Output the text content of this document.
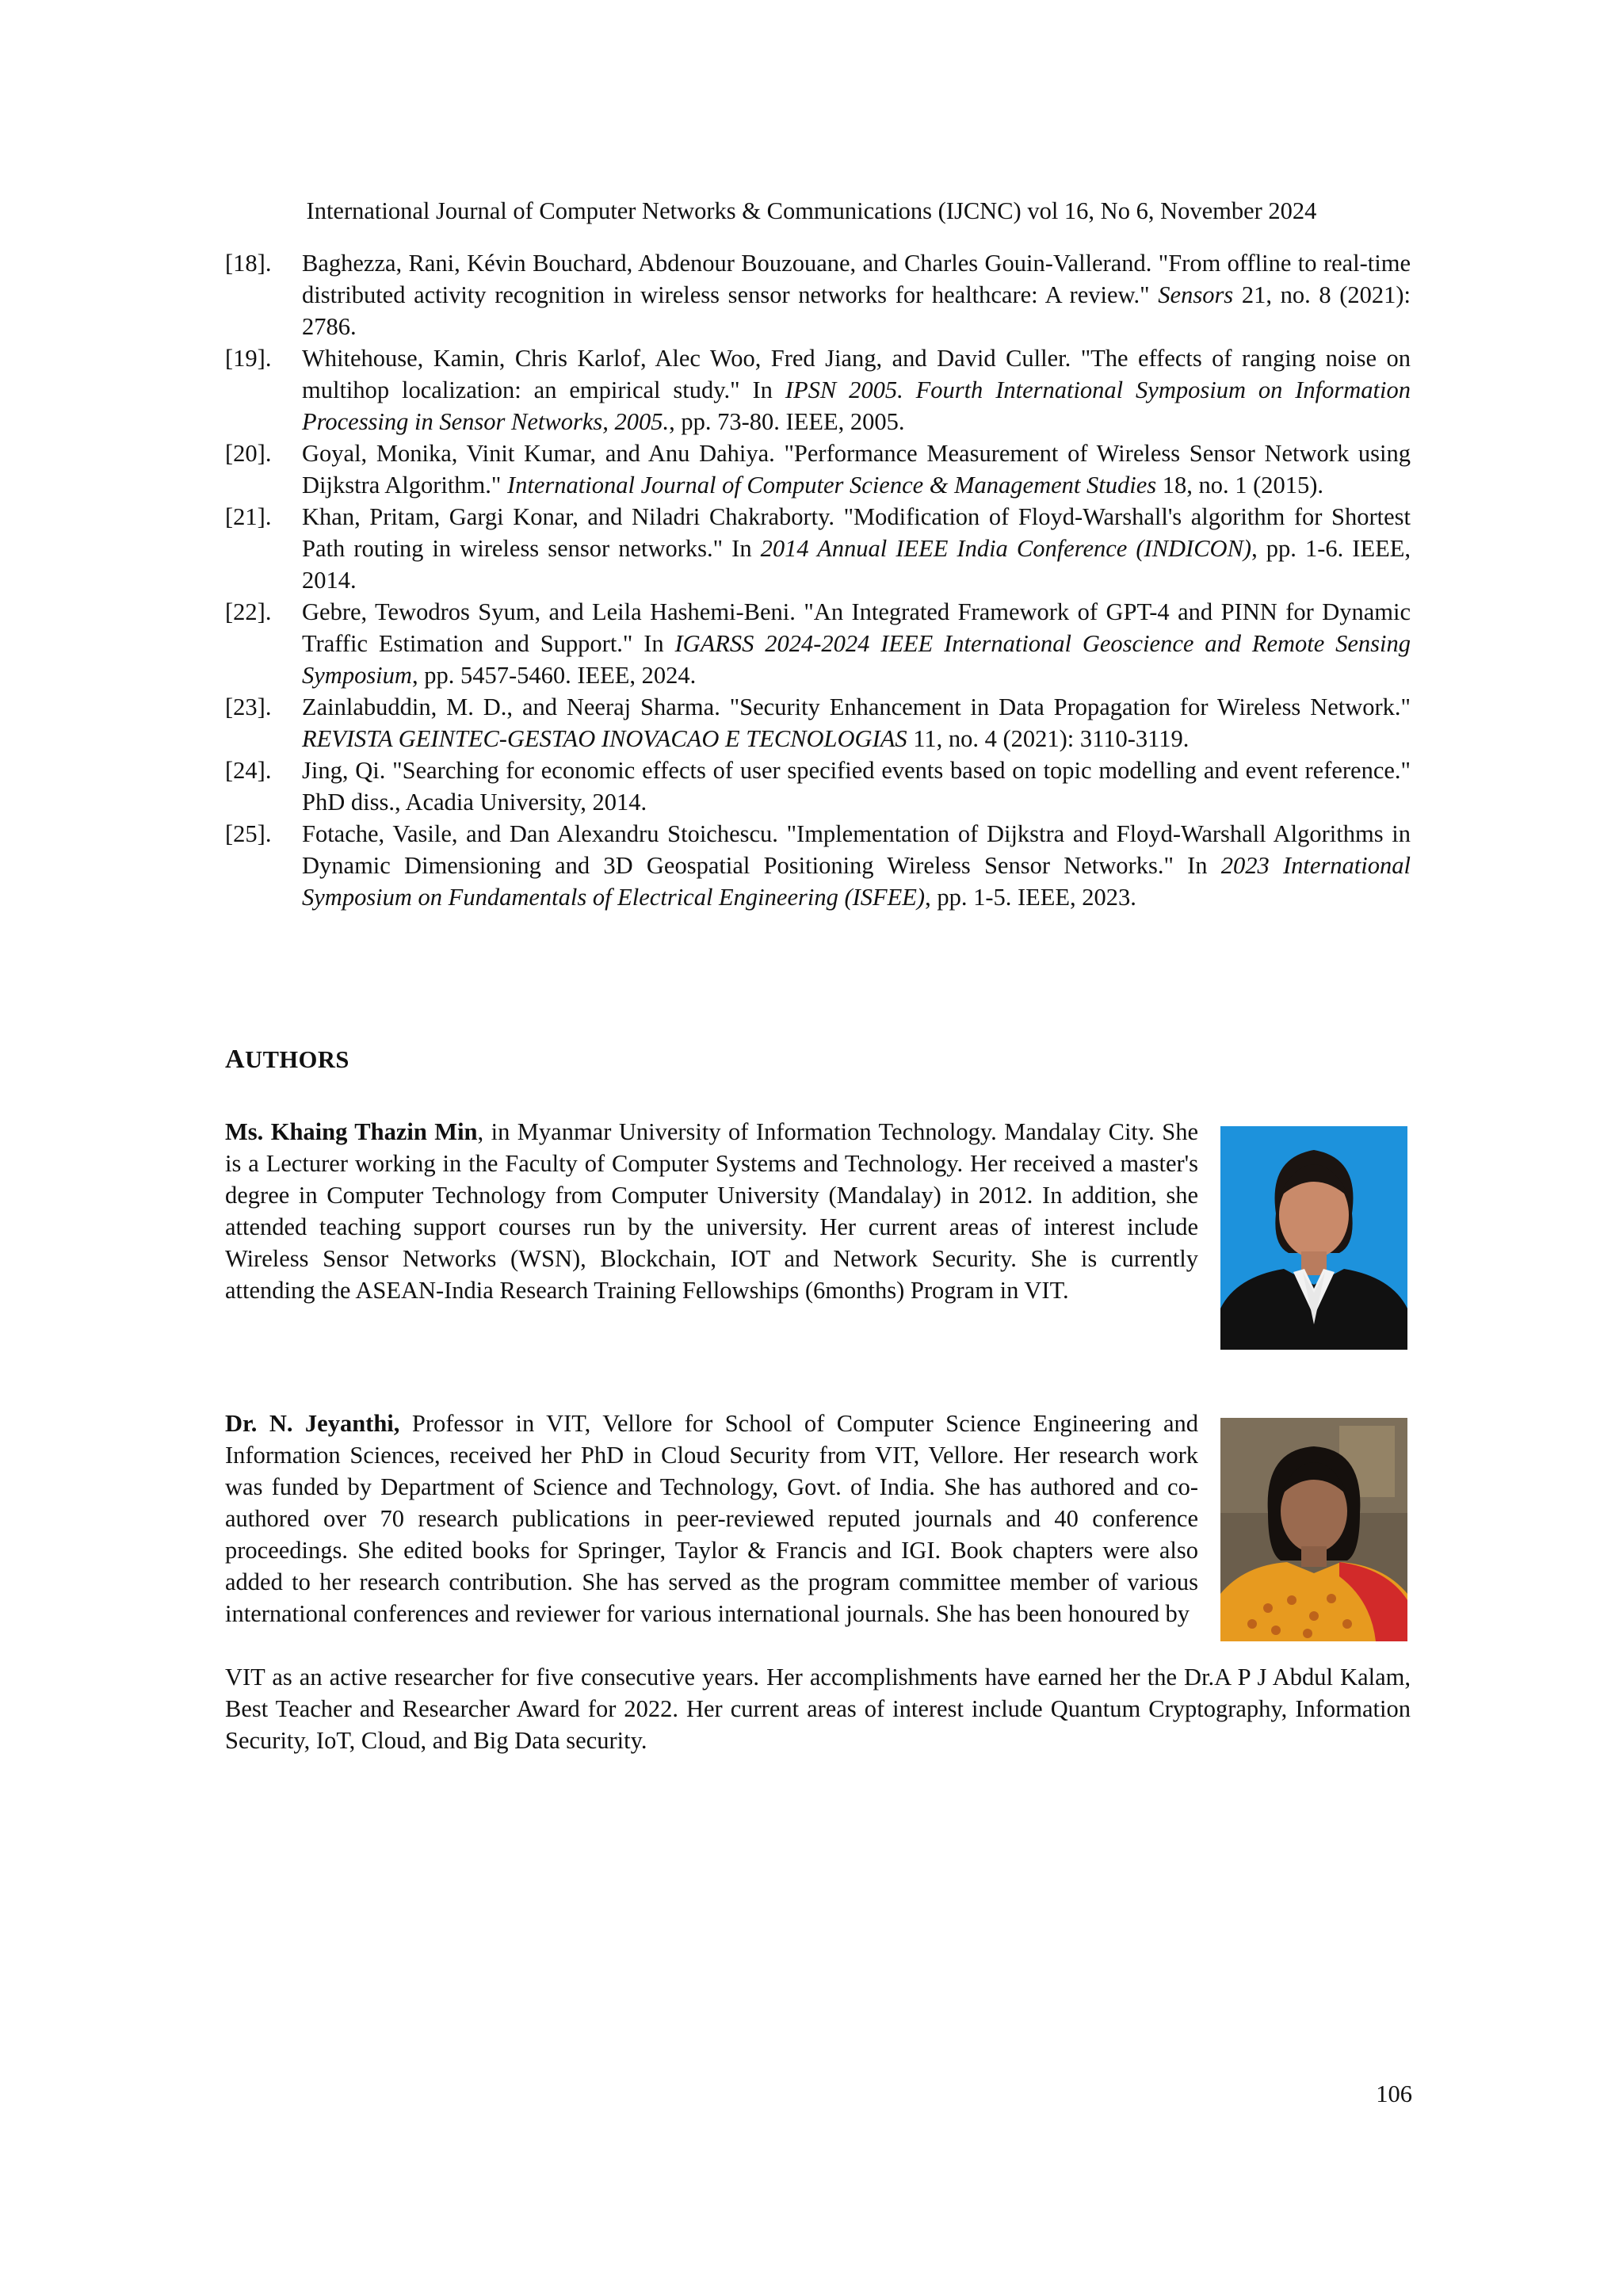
International Journal of Computer Networks & Communications (IJCNC) vol 16, No 6, November 2024
[18]. Baghezza, Rani, Kévin Bouchard, Abdenour Bouzouane, and Charles Gouin-Vallerand. "From offline to real-time distributed activity recognition in wireless sensor networks for healthcare: A review." Sensors 21, no. 8 (2021): 2786.
[19]. Whitehouse, Kamin, Chris Karlof, Alec Woo, Fred Jiang, and David Culler. "The effects of ranging noise on multihop localization: an empirical study." In IPSN 2005. Fourth International Symposium on Information Processing in Sensor Networks, 2005., pp. 73-80. IEEE, 2005.
[20]. Goyal, Monika, Vinit Kumar, and Anu Dahiya. "Performance Measurement of Wireless Sensor Network using Dijkstra Algorithm." International Journal of Computer Science & Management Studies 18, no. 1 (2015).
[21]. Khan, Pritam, Gargi Konar, and Niladri Chakraborty. "Modification of Floyd-Warshall's algorithm for Shortest Path routing in wireless sensor networks." In 2014 Annual IEEE India Conference (INDICON), pp. 1-6. IEEE, 2014.
[22]. Gebre, Tewodros Syum, and Leila Hashemi-Beni. "An Integrated Framework of GPT-4 and PINN for Dynamic Traffic Estimation and Support." In IGARSS 2024-2024 IEEE International Geoscience and Remote Sensing Symposium, pp. 5457-5460. IEEE, 2024.
[23]. Zainlabuddin, M. D., and Neeraj Sharma. "Security Enhancement in Data Propagation for Wireless Network." REVISTA GEINTEC-GESTAO INOVACAO E TECNOLOGIAS 11, no. 4 (2021): 3110-3119.
[24]. Jing, Qi. "Searching for economic effects of user specified events based on topic modelling and event reference." PhD diss., Acadia University, 2014.
[25]. Fotache, Vasile, and Dan Alexandru Stoichescu. "Implementation of Dijkstra and Floyd-Warshall Algorithms in Dynamic Dimensioning and 3D Geospatial Positioning Wireless Sensor Networks." In 2023 International Symposium on Fundamentals of Electrical Engineering (ISFEE), pp. 1-5. IEEE, 2023.
AUTHORS
Ms. Khaing Thazin Min, in Myanmar University of Information Technology. Mandalay City. She is a Lecturer working in the Faculty of Computer Systems and Technology. Her received a master's degree in Computer Technology from Computer University (Mandalay) in 2012. In addition, she attended teaching support courses run by the university. Her current areas of interest include Wireless Sensor Networks (WSN), Blockchain, IOT and Network Security. She is currently attending the ASEAN-India Research Training Fellowships (6months) Program in VIT.
Dr. N. Jeyanthi, Professor in VIT, Vellore for School of Computer Science Engineering and Information Sciences, received her PhD in Cloud Security from VIT, Vellore. Her research work was funded by Department of Science and Technology, Govt. of India. She has authored and co-authored over 70 research publications in peer-reviewed reputed journals and 40 conference proceedings. She edited books for Springer, Taylor & Francis and IGI. Book chapters were also added to her research contribution. She has served as the program committee member of various international conferences and reviewer for various international journals. She has been honoured by
VIT as an active researcher for five consecutive years. Her accomplishments have earned her the Dr.A P J Abdul Kalam, Best Teacher and Researcher Award for 2022. Her current areas of interest include Quantum Cryptography, Information Security, IoT, Cloud, and Big Data security.
106
